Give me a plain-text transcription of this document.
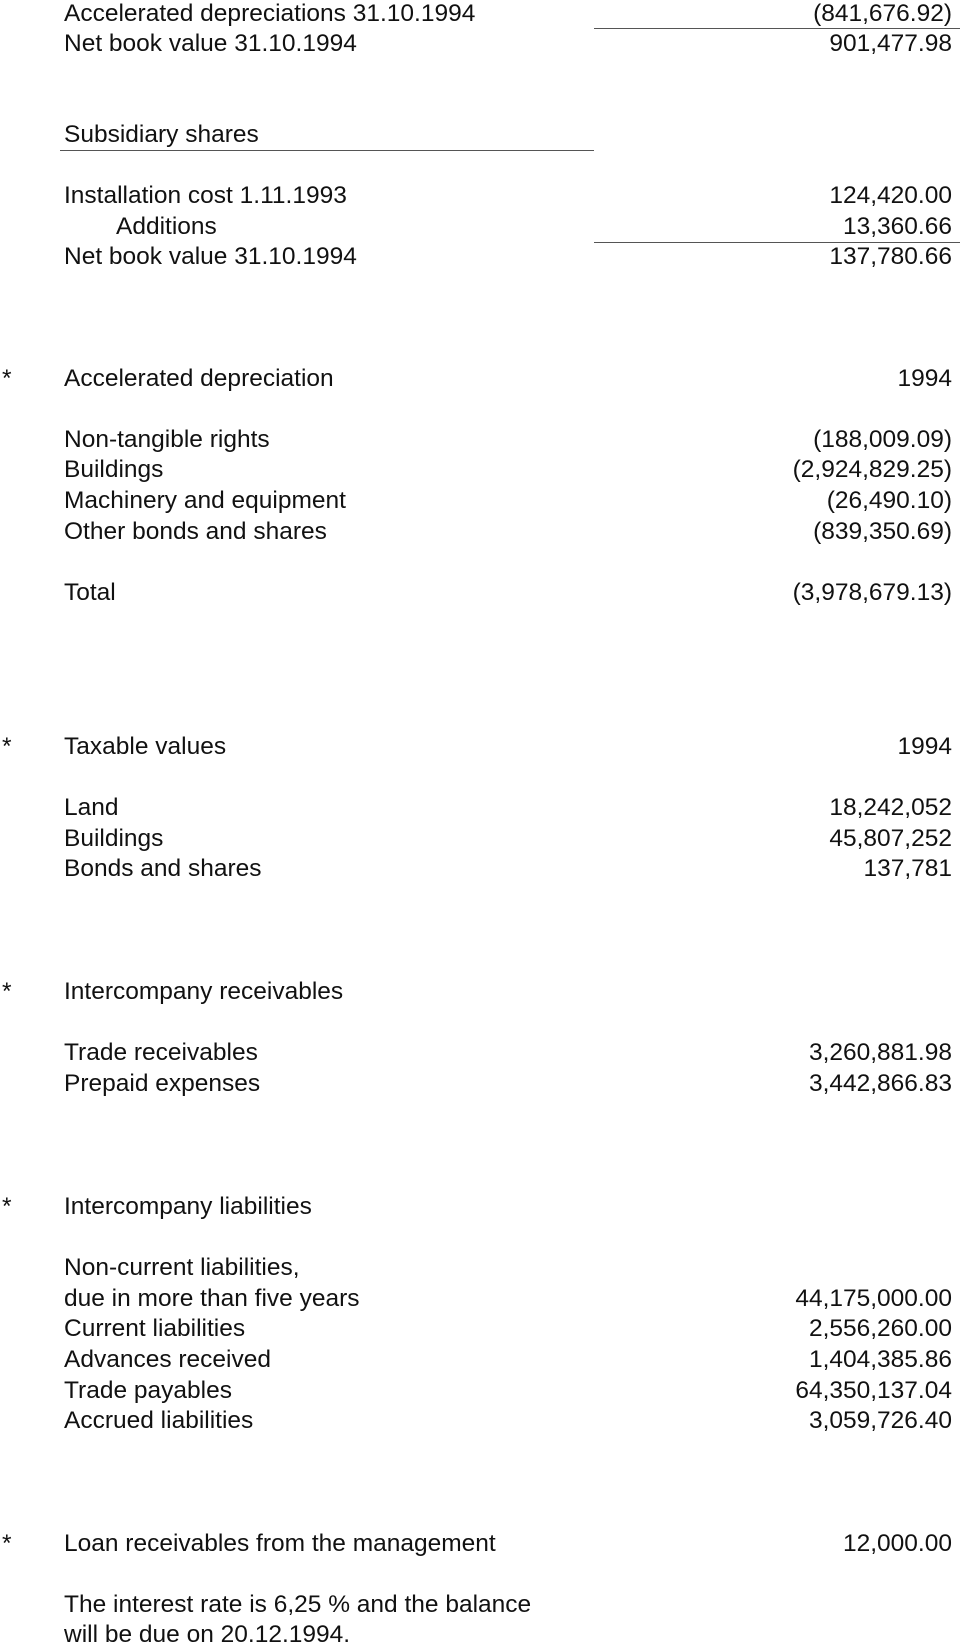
Accelerated depreciations 31.10.1994	(841,676.92)
Net book value 31.10.1994	901,477.98
Subsidiary shares
Installation cost 1.11.1993	124,420.00
Additions	13,360.66
Net book value 31.10.1994	137,780.66
* Accelerated depreciation	1994
Non-tangible rights	(188,009.09)
Buildings	(2,924,829.25)
Machinery and equipment	(26,490.10)
Other bonds and shares	(839,350.69)
Total	(3,978,679.13)
* Taxable values	1994
Land	18,242,052
Buildings	45,807,252
Bonds and shares	137,781
* Intercompany receivables
Trade receivables	3,260,881.98
Prepaid expenses	3,442,866.83
* Intercompany liabilities
Non-current liabilities,
due in more than five years	44,175,000.00
Current liabilities	2,556,260.00
Advances received	1,404,385.86
Trade payables	64,350,137.04
Accrued liabilities	3,059,726.40
* Loan receivables from the management	12,000.00
The interest rate is 6,25 % and the balance
will be due on 20.12.1994.
